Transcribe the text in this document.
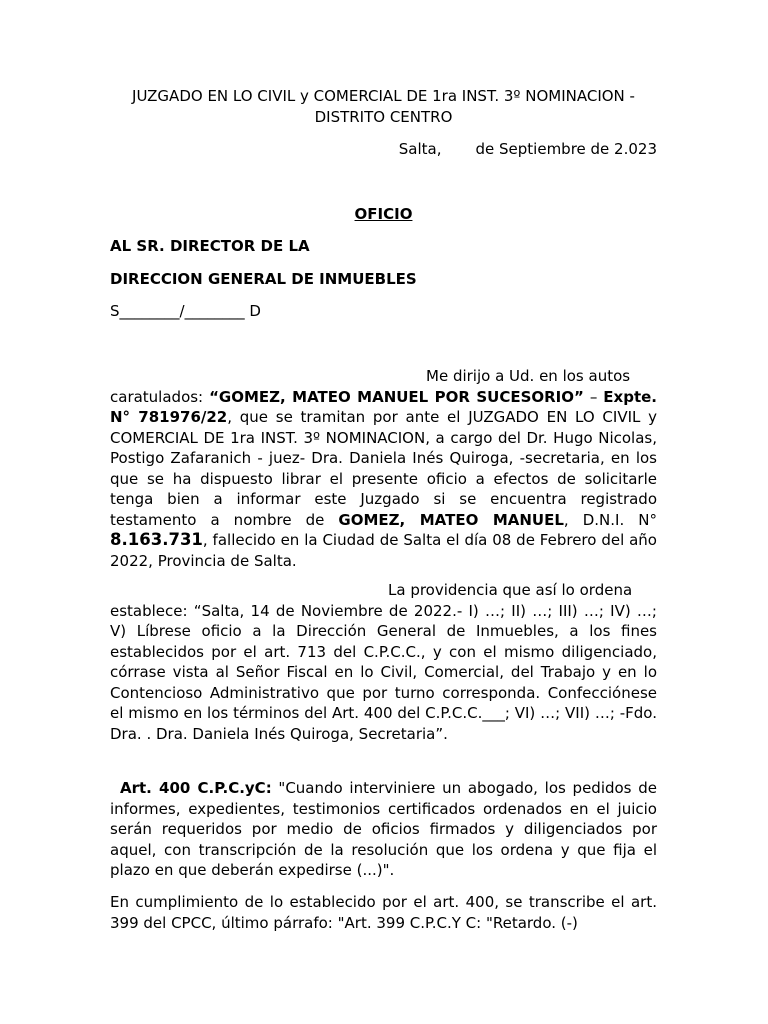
JUZGADO EN LO CIVIL y COMERCIAL DE 1ra INST. 3º NOMINACION -
DISTRITO CENTRO

Salta, de Septiembre de 2.023

OFICIO

AL SR. DIRECTOR DE LA

DIRECCION GENERAL DE INMUEBLES

S________/________ D

Me dirijo a Ud. en los autos
caratulados: “GOMEZ, MATEO MANUEL POR SUCESORIO” – Expte. N° 781976/22, que se tramitan por ante el JUZGADO EN LO CIVIL y COMERCIAL DE 1ra INST. 3º NOMINACION, a cargo del Dr. Hugo Nicolas, Postigo Zafaranich - juez- Dra. Daniela Inés Quiroga, -secretaria, en los que se ha dispuesto librar el presente oficio a efectos de solicitarle tenga bien a informar este Juzgado si se encuentra registrado testamento a nombre de GOMEZ, MATEO MANUEL, D.N.I. N° 8.163.731, fallecido en la Ciudad de Salta el día 08 de Febrero del año 2022, Provincia de Salta.

La providencia que así lo ordena
establece: “Salta, 14 de Noviembre de 2022.- I) …; II) …; III) …; IV) …; V) Líbrese oficio a la Dirección General de Inmuebles, a los fines establecidos por el art. 713 del C.P.C.C., y con el mismo diligenciado, córrase vista al Señor Fiscal en lo Civil, Comercial, del Trabajo y en lo Contencioso Administrativo que por turno corresponda. Confecciónese el mismo en los términos del Art. 400 del C.P.C.C.___; VI) …; VII) …; -Fdo. Dra. . Dra. Daniela Inés Quiroga, Secretaria”.

Art. 400 C.P.C.yC: "Cuando interviniere un abogado, los pedidos de informes, expedientes, testimonios certificados ordenados en el juicio serán requeridos por medio de oficios firmados y diligenciados por aquel, con transcripción de la resolución que los ordena y que fija el plazo en que deberán expedirse (...)".

En cumplimiento de lo establecido por el art. 400, se transcribe el art. 399 del CPCC, último párrafo: "Art. 399 C.P.C.Y C: "Retardo. (-)
